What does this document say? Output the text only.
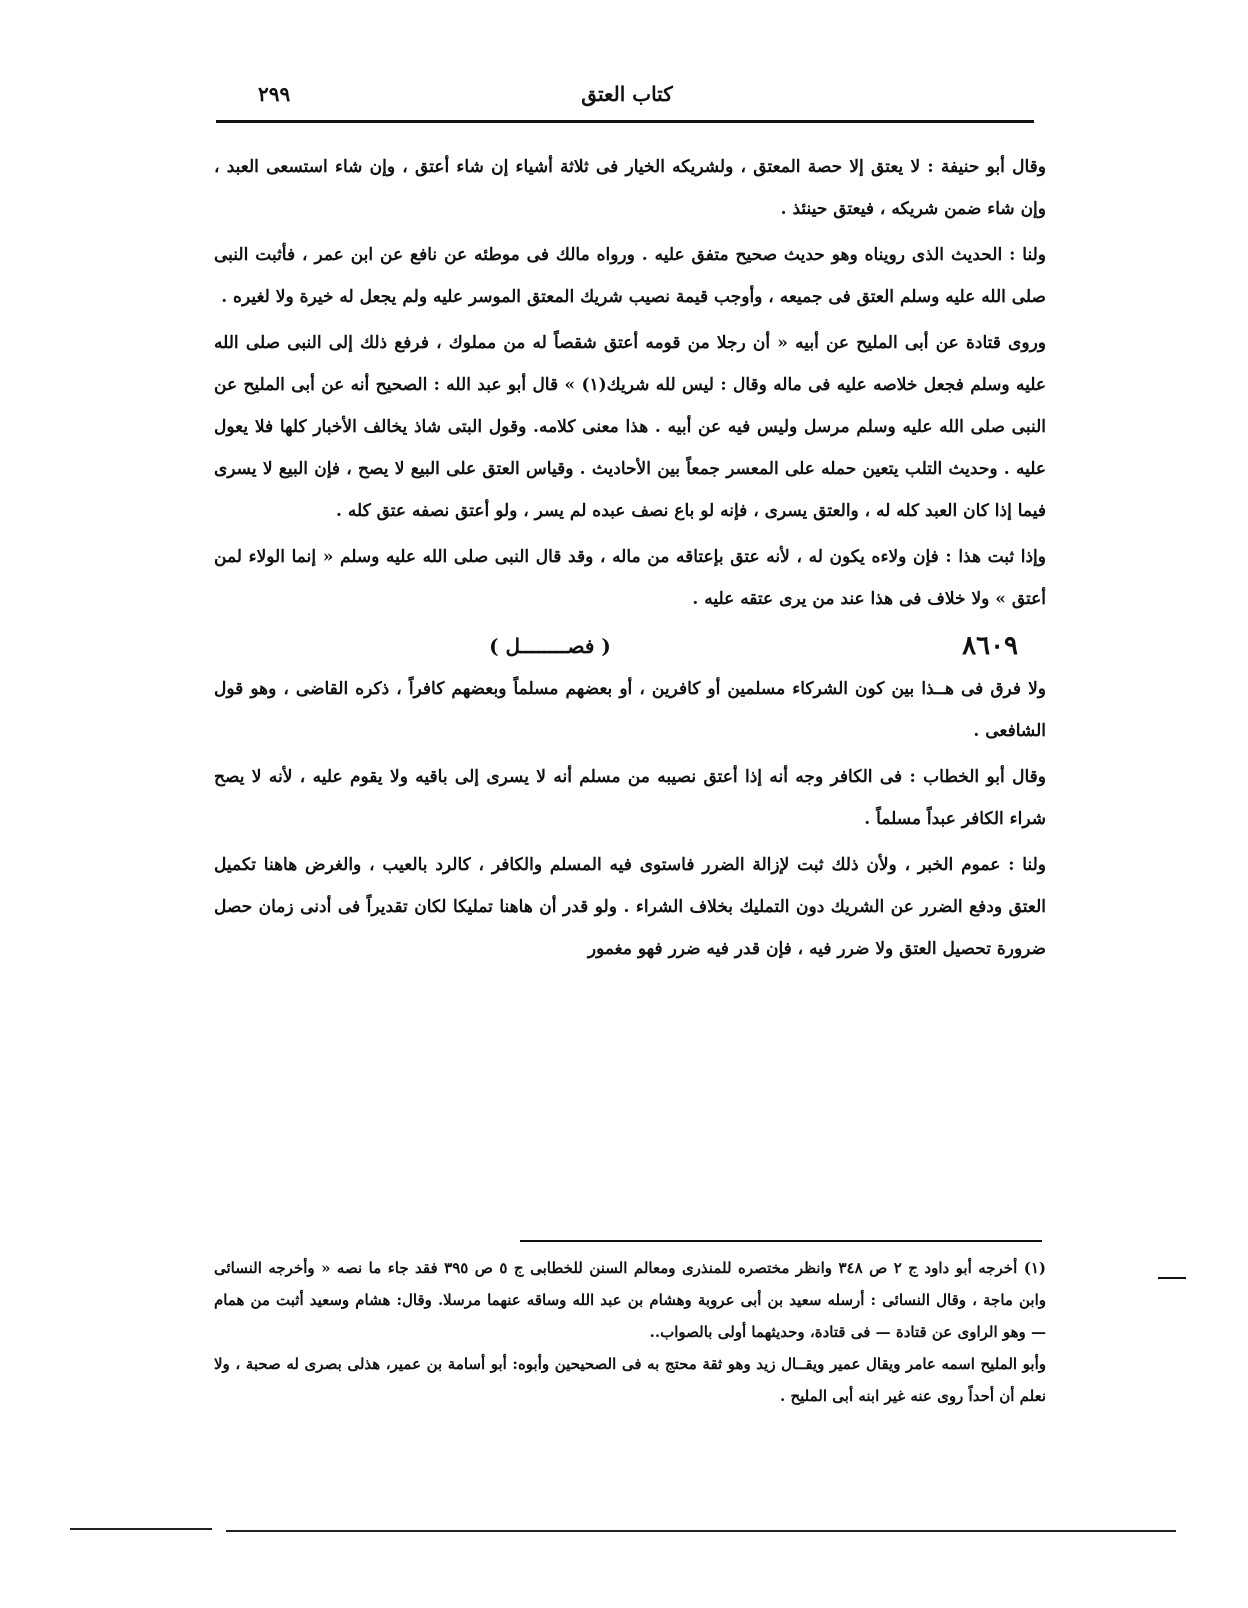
كتاب العتق
٢٩٩

وقال أبو حنيفة : لا يعتق إلا حصة المعتق ، ولشريكه الخيار فى ثلاثة أشياء إن شاء أعتق ، وإن شاء استسعى العبد ، وإن شاء ضمن شريكه ، فيعتق حينئذ .

ولنا : الحديث الذى رويناه وهو حديث صحيح متفق عليه . ورواه مالك فى موطئه عن نافع عن ابن عمر ، فأثبت النبى صلى الله عليه وسلم العتق فى جميعه ، وأوجب قيمة نصيب شريك المعتق الموسر عليه ولم يجعل له خيرة ولا لغيره .

وروى قتادة عن أبى المليح عن أبيه « أن رجلا من قومه أعتق شقصاً له من مملوك ، فرفع ذلك إلى النبى صلى الله عليه وسلم فجعل خلاصه عليه فى ماله وقال : ليس لله شريك(١) » قال أبو عبد الله : الصحيح أنه عن أبى المليح عن النبى صلى الله عليه وسلم مرسل وليس فيه عن أبيه . هذا معنى كلامه. وقول البتى شاذ يخالف الأخبار كلها فلا يعول عليه . وحديث التلب يتعين حمله على المعسر جمعاً بين الأحاديث . وقياس العتق على البيع لا يصح ، فإن البيع لا يسرى فيما إذا كان العبد كله له ، والعتق يسرى ، فإنه لو باع نصف عبده لم يسر ، ولو أعتق نصفه عتق كله .

وإذا ثبت هذا : فإن ولاءه يكون له ، لأنه عتق بإعتاقه من ماله ، وقد قال النبى صلى الله عليه وسلم « إنما الولاء لمن أعتق » ولا خلاف فى هذا عند من يرى عتقه عليه .

٨٦٠٩
( فصــــــــل )

ولا فرق فى هــذا بين كون الشركاء مسلمين أو كافرين ، أو بعضهم مسلماً وبعضهم كافراً ، ذكره القاضى ، وهو قول الشافعى .

وقال أبو الخطاب : فى الكافر وجه أنه إذا أعتق نصيبه من مسلم أنه لا يسرى إلى باقيه ولا يقوم عليه ، لأنه لا يصح شراء الكافر عبداً مسلماً .

ولنا : عموم الخبر ، ولأن ذلك ثبت لإزالة الضرر فاستوى فيه المسلم والكافر ، كالرد بالعيب ، والغرض هاهنا تكميل العتق ودفع الضرر عن الشريك دون التمليك بخلاف الشراء . ولو قدر أن هاهنا تمليكا لكان تقديراً فى أدنى زمان حصل ضرورة تحصيل العتق ولا ضرر فيه ، فإن قدر فيه ضرر فهو مغمور

(١) أخرجه أبو داود ج ٢ ص ٣٤٨ وانظر مختصره للمنذرى ومعالم السنن للخطابى ج ٥ ص ٣٩٥ فقد جاء ما نصه « وأخرجه النسائى وابن ماجة ، وقال النسائى : أرسله سعيد بن أبى عروبة وهشام بن عبد الله وساقه عنهما مرسلا. وقال: هشام وسعيد أثبت من همام — وهو الراوى عن قتادة — فى قتادة، وحديثهما أولى بالصواب..

وأبو المليح اسمه عامر ويقال عمير ويقــال زيد وهو ثقة محتج به فى الصحيحين وأبوه: أبو أسامة بن عمير، هذلى بصرى له صحبة ، ولا نعلم أن أحداً روى عنه غير ابنه أبى المليح .
